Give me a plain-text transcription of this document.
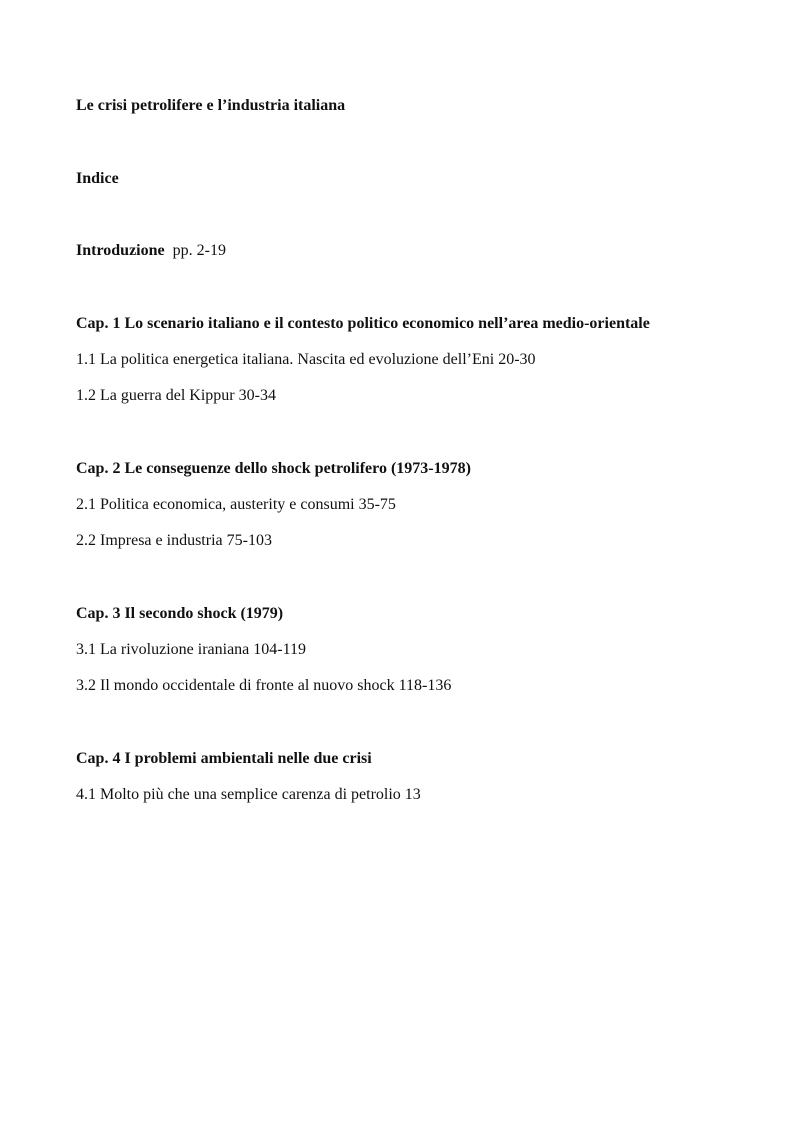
Le crisi petrolifere e l’industria italiana

Indice

Introduzione pp. 2-19

Cap. 1 Lo scenario italiano e il contesto politico economico nell’area medio-orientale

1.1 La politica energetica italiana. Nascita ed evoluzione dell’Eni 20-30

1.2 La guerra del Kippur 30-34

Cap. 2 Le conseguenze dello shock petrolifero (1973-1978)

2.1 Politica economica, austerity e consumi 35-75

2.2 Impresa e industria 75-103

Cap. 3 Il secondo shock (1979)

3.1 La rivoluzione iraniana 104-119

3.2 Il mondo occidentale di fronte al nuovo shock 118-136

Cap. 4 I problemi ambientali nelle due crisi

4.1 Molto più che una semplice carenza di petrolio 13
